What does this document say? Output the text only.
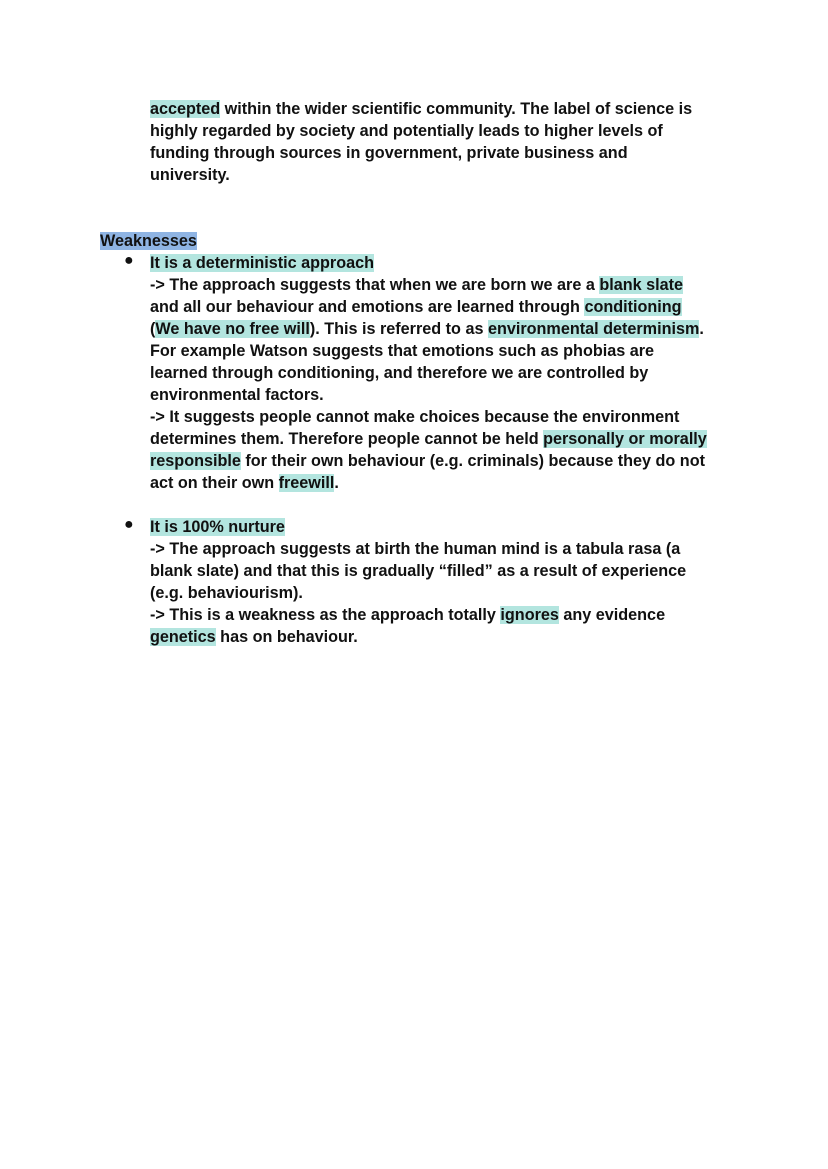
accepted within the wider scientific community. The label of science is
highly regarded by society and potentially leads to higher levels of
funding through sources in government, private business and
university.
Weaknesses
● It is a deterministic approach
-> The approach suggests that when we are born we are a blank slate
and all our behaviour and emotions are learned through conditioning
(We have no free will). This is referred to as environmental determinism.
For example Watson suggests that emotions such as phobias are
learned through conditioning, and therefore we are controlled by
environmental factors.
-> It suggests people cannot make choices because the environment
determines them. Therefore people cannot be held personally or morally
responsible for their own behaviour (e.g. criminals) because they do not
act on their own freewill.
● It is 100% nurture
-> The approach suggests at birth the human mind is a tabula rasa (a
blank slate) and that this is gradually “filled” as a result of experience
(e.g. behaviourism).
-> This is a weakness as the approach totally ignores any evidence
genetics has on behaviour.
